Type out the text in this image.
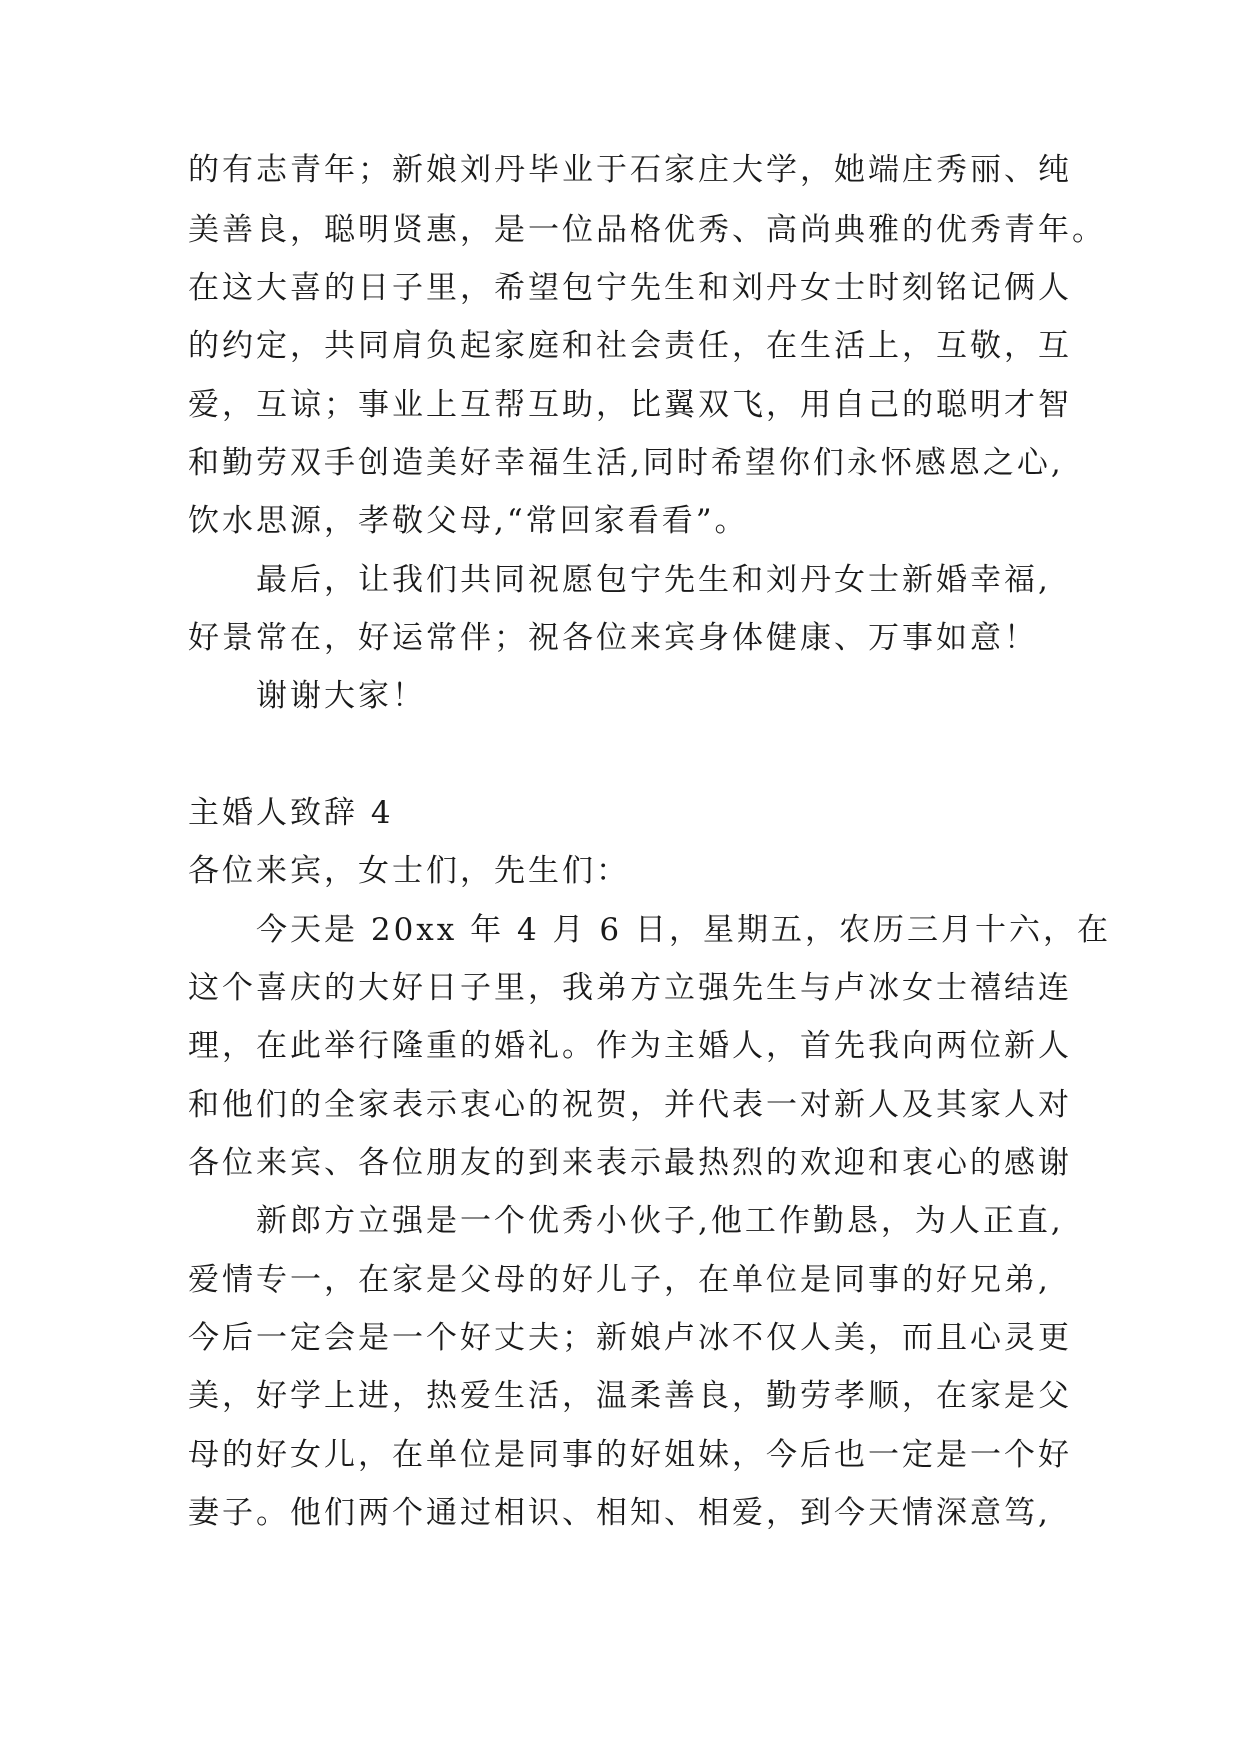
的有志青年；新娘刘丹毕业于石家庄大学，她端庄秀丽、纯
美善良，聪明贤惠，是一位品格优秀、高尚典雅的优秀青年。
在这大喜的日子里，希望包宁先生和刘丹女士时刻铭记俩人
的约定，共同肩负起家庭和社会责任，在生活上，互敬，互
爱，互谅；事业上互帮互助，比翼双飞，用自己的聪明才智
和勤劳双手创造美好幸福生活,同时希望你们永怀感恩之心,
饮水思源，孝敬父母,“常回家看看”。
最后，让我们共同祝愿包宁先生和刘丹女士新婚幸福,
好景常在，好运常伴；祝各位来宾身体健康、万事如意！
谢谢大家！
主婚人致辞 4
各位来宾，女士们，先生们：
今天是 20xx 年 4 月 6 日，星期五，农历三月十六，在
这个喜庆的大好日子里，我弟方立强先生与卢冰女士禧结连
理，在此举行隆重的婚礼。作为主婚人，首先我向两位新人
和他们的全家表示衷心的祝贺，并代表一对新人及其家人对
各位来宾、各位朋友的到来表示最热烈的欢迎和衷心的感谢
新郎方立强是一个优秀小伙子,他工作勤恳，为人正直,
爱情专一，在家是父母的好儿子，在单位是同事的好兄弟,
今后一定会是一个好丈夫；新娘卢冰不仅人美，而且心灵更
美，好学上进，热爱生活，温柔善良，勤劳孝顺，在家是父
母的好女儿，在单位是同事的好姐妹，今后也一定是一个好
妻子。他们两个通过相识、相知、相爱，到今天情深意笃,
